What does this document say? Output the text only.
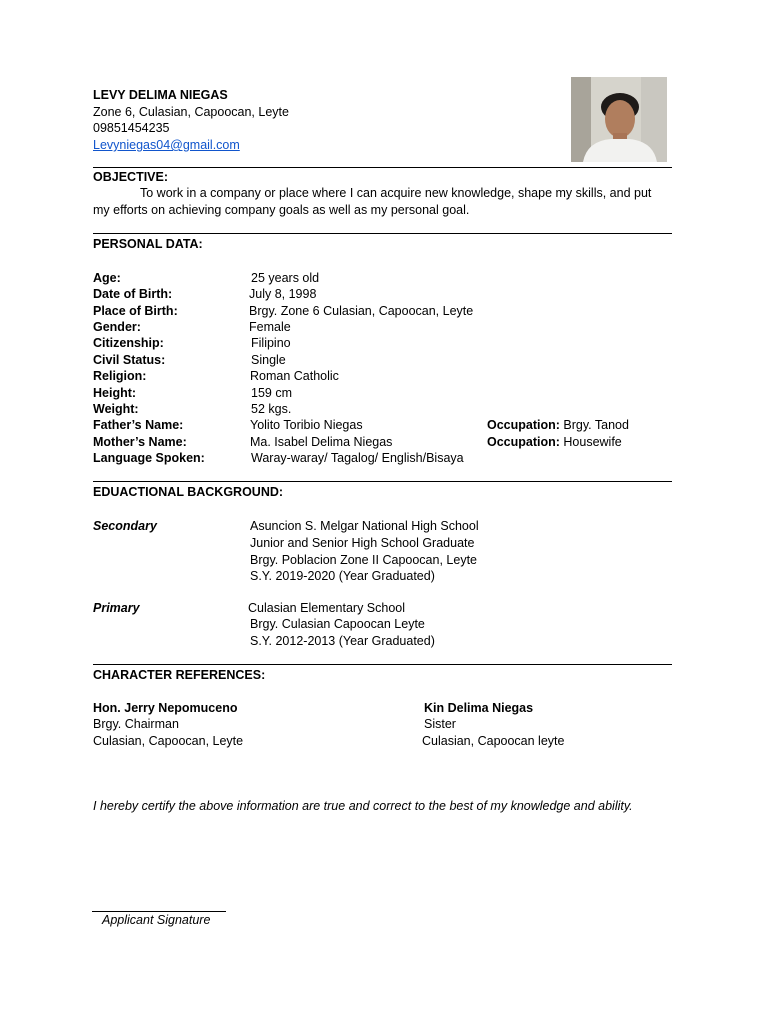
LEVY DELIMA NIEGAS
Zone 6, Culasian, Capoocan, Leyte
09851454235
Levyniegas04@gmail.com
OBJECTIVE:
To work in a company or place where I can acquire new knowledge, shape my skills, and put
my efforts on achieving company goals as well as my personal goal.
PERSONAL DATA:
Age:	25 years old
Date of Birth:	July 8, 1998
Place of Birth:	Brgy. Zone 6 Culasian, Capoocan, Leyte
Gender:	Female
Citizenship:	Filipino
Civil Status:	Single
Religion:	Roman Catholic
Height:	159 cm
Weight:	52 kgs.
Father’s Name:	Yolito Toribio Niegas	Occupation: Brgy. Tanod
Mother’s Name:	Ma. Isabel Delima Niegas	Occupation: Housewife
Language Spoken:	Waray-waray/ Tagalog/ English/Bisaya
EDUACTIONAL BACKGROUND:
Secondary	Asuncion S. Melgar National High School
Junior and Senior High School Graduate
Brgy. Poblacion Zone II Capoocan, Leyte
S.Y. 2019-2020 (Year Graduated)
Primary	Culasian Elementary School
Brgy. Culasian Capoocan Leyte
S.Y. 2012-2013 (Year Graduated)
CHARACTER REFERENCES:
Hon. Jerry Nepomuceno
Brgy. Chairman
Culasian, Capoocan, Leyte
Kin Delima Niegas
Sister
Culasian, Capoocan leyte
I hereby certify the above information are true and correct to the best of my knowledge and ability.
Applicant Signature
